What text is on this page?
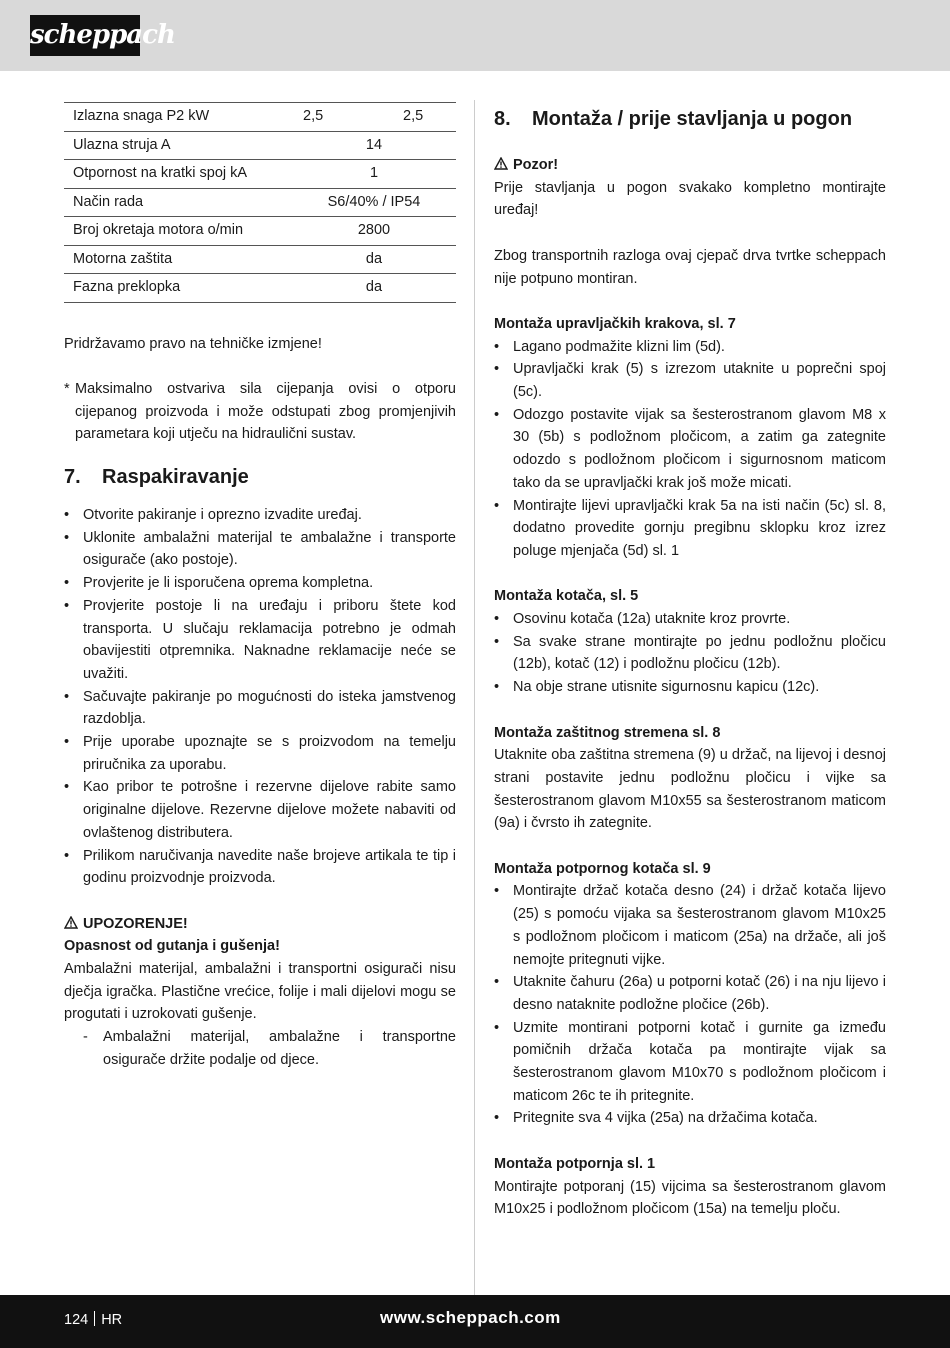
scheppach
Izlazna snaga P2 kW	2,5	2,5
Ulazna struja A	14	
Otpornost na kratki spoj kA	1	
Način rada	S6/40% / IP54	
Broj okretaja motora o/min	2800	
Motorna zaštita	da	
Fazna preklopka	da	

Pridržavamo pravo na tehničke izmjene!

* Maksimalno ostvariva sila cijepanja ovisi o otporu cijepanog proizvoda i može odstupati zbog promjenjivih parametara koji utječu na hidraulični sustav.
7. Raspakiravanje
• Otvorite pakiranje i oprezno izvadite uređaj.
• Uklonite ambalažni materijal te ambalažne i transporte osigurače (ako postoje).
• Provjerite je li isporučena oprema kompletna.
• Provjerite postoje li na uređaju i priboru štete kod transporta. U slučaju reklamacija potrebno je odmah obavijestiti otpremnika. Naknadne reklamacije neće se uvažiti.
• Sačuvajte pakiranje po mogućnosti do isteka jamstvenog razdoblja.
• Prije uporabe upoznajte se s proizvodom na temelju priručnika za uporabu.
• Kao pribor te potrošne i rezervne dijelove rabite samo originalne dijelove. Rezervne dijelove možete nabaviti od ovlaštenog distributera.
• Prilikom naručivanja navedite naše brojeve artikala te tip i godinu proizvodnje proizvoda.
UPOZORENJE!
Opasnost od gutanja i gušenja!

Ambalažni materijal, ambalažni i transportni osigurači nisu dječja igračka. Plastične vrećice, folije i mali dijelovi mogu se progutati i uzrokovati gušenje.

- Ambalažni materijal, ambalažne i transportne osigurače držite podalje od djece.
8. Montaža / prije stavljanja u pogon
Pozor!

Prije stavljanja u pogon svakako kompletno montirajte uređaj!

Zbog transportnih razloga ovaj cjepač drva tvrtke scheppach nije potpuno montiran.

Montaža upravljačkih krakova, sl. 7
• Lagano podmažite klizni lim (5d).
• Upravljački krak (5) s izrezom utaknite u poprečni spoj (5c).
• Odozgo postavite vijak sa šesterostranom glavom M8 x 30 (5b) s podložnom pločicom, a zatim ga zategnite odozdo s podložnom pločicom i sigurnosnom maticom tako da se upravljački krak još može micati.
• Montirajte lijevi upravljački krak 5a na isti način (5c) sl. 8, dodatno provedite gornju pregibnu sklopku kroz izrez poluge mjenjača (5d) sl. 1
Montaža kotača, sl. 5
• Osovinu kotača (12a) utaknite kroz provrte.
• Sa svake strane montirajte po jednu podložnu pločicu (12b), kotač (12) i podložnu pločicu (12b).
• Na obje strane utisnite sigurnosnu kapicu (12c).
Montaža zaštitnog stremena sl. 8

Utaknite oba zaštitna stremena (9) u držač, na lijevoj i desnoj strani postavite jednu podložnu pločicu i vijke sa šesterostranom glavom M10x55 sa šesterostranom maticom (9a) i čvrsto ih zategnite.

Montaža potpornog kotača sl. 9
• Montirajte držač kotača desno (24) i držač kotača lijevo (25) s pomoću vijaka sa šesterostranom glavom M10x25 s podložnom pločicom i maticom (25a) na držače, ali još nemojte pritegnuti vijke.
• Utaknite čahuru (26a) u potporni kotač (26) i na nju lijevo i desno nataknite podložne pločice (26b).
• Uzmite montirani potporni kotač i gurnite ga između pomičnih držača kotača pa montirajte vijak sa šesterostranom glavom M10x70 s podložnom pločicom i maticom 26c te ih pritegnite.
• Pritegnite sva 4 vijka (25a) na držačima kotača.
Montaža potpornja sl. 1

Montirajte potporanj (15) vijcima sa šesterostranom glavom M10x25 i podložnom pločicom (15a) na temelju ploču.

124 HR	www.scheppach.com
